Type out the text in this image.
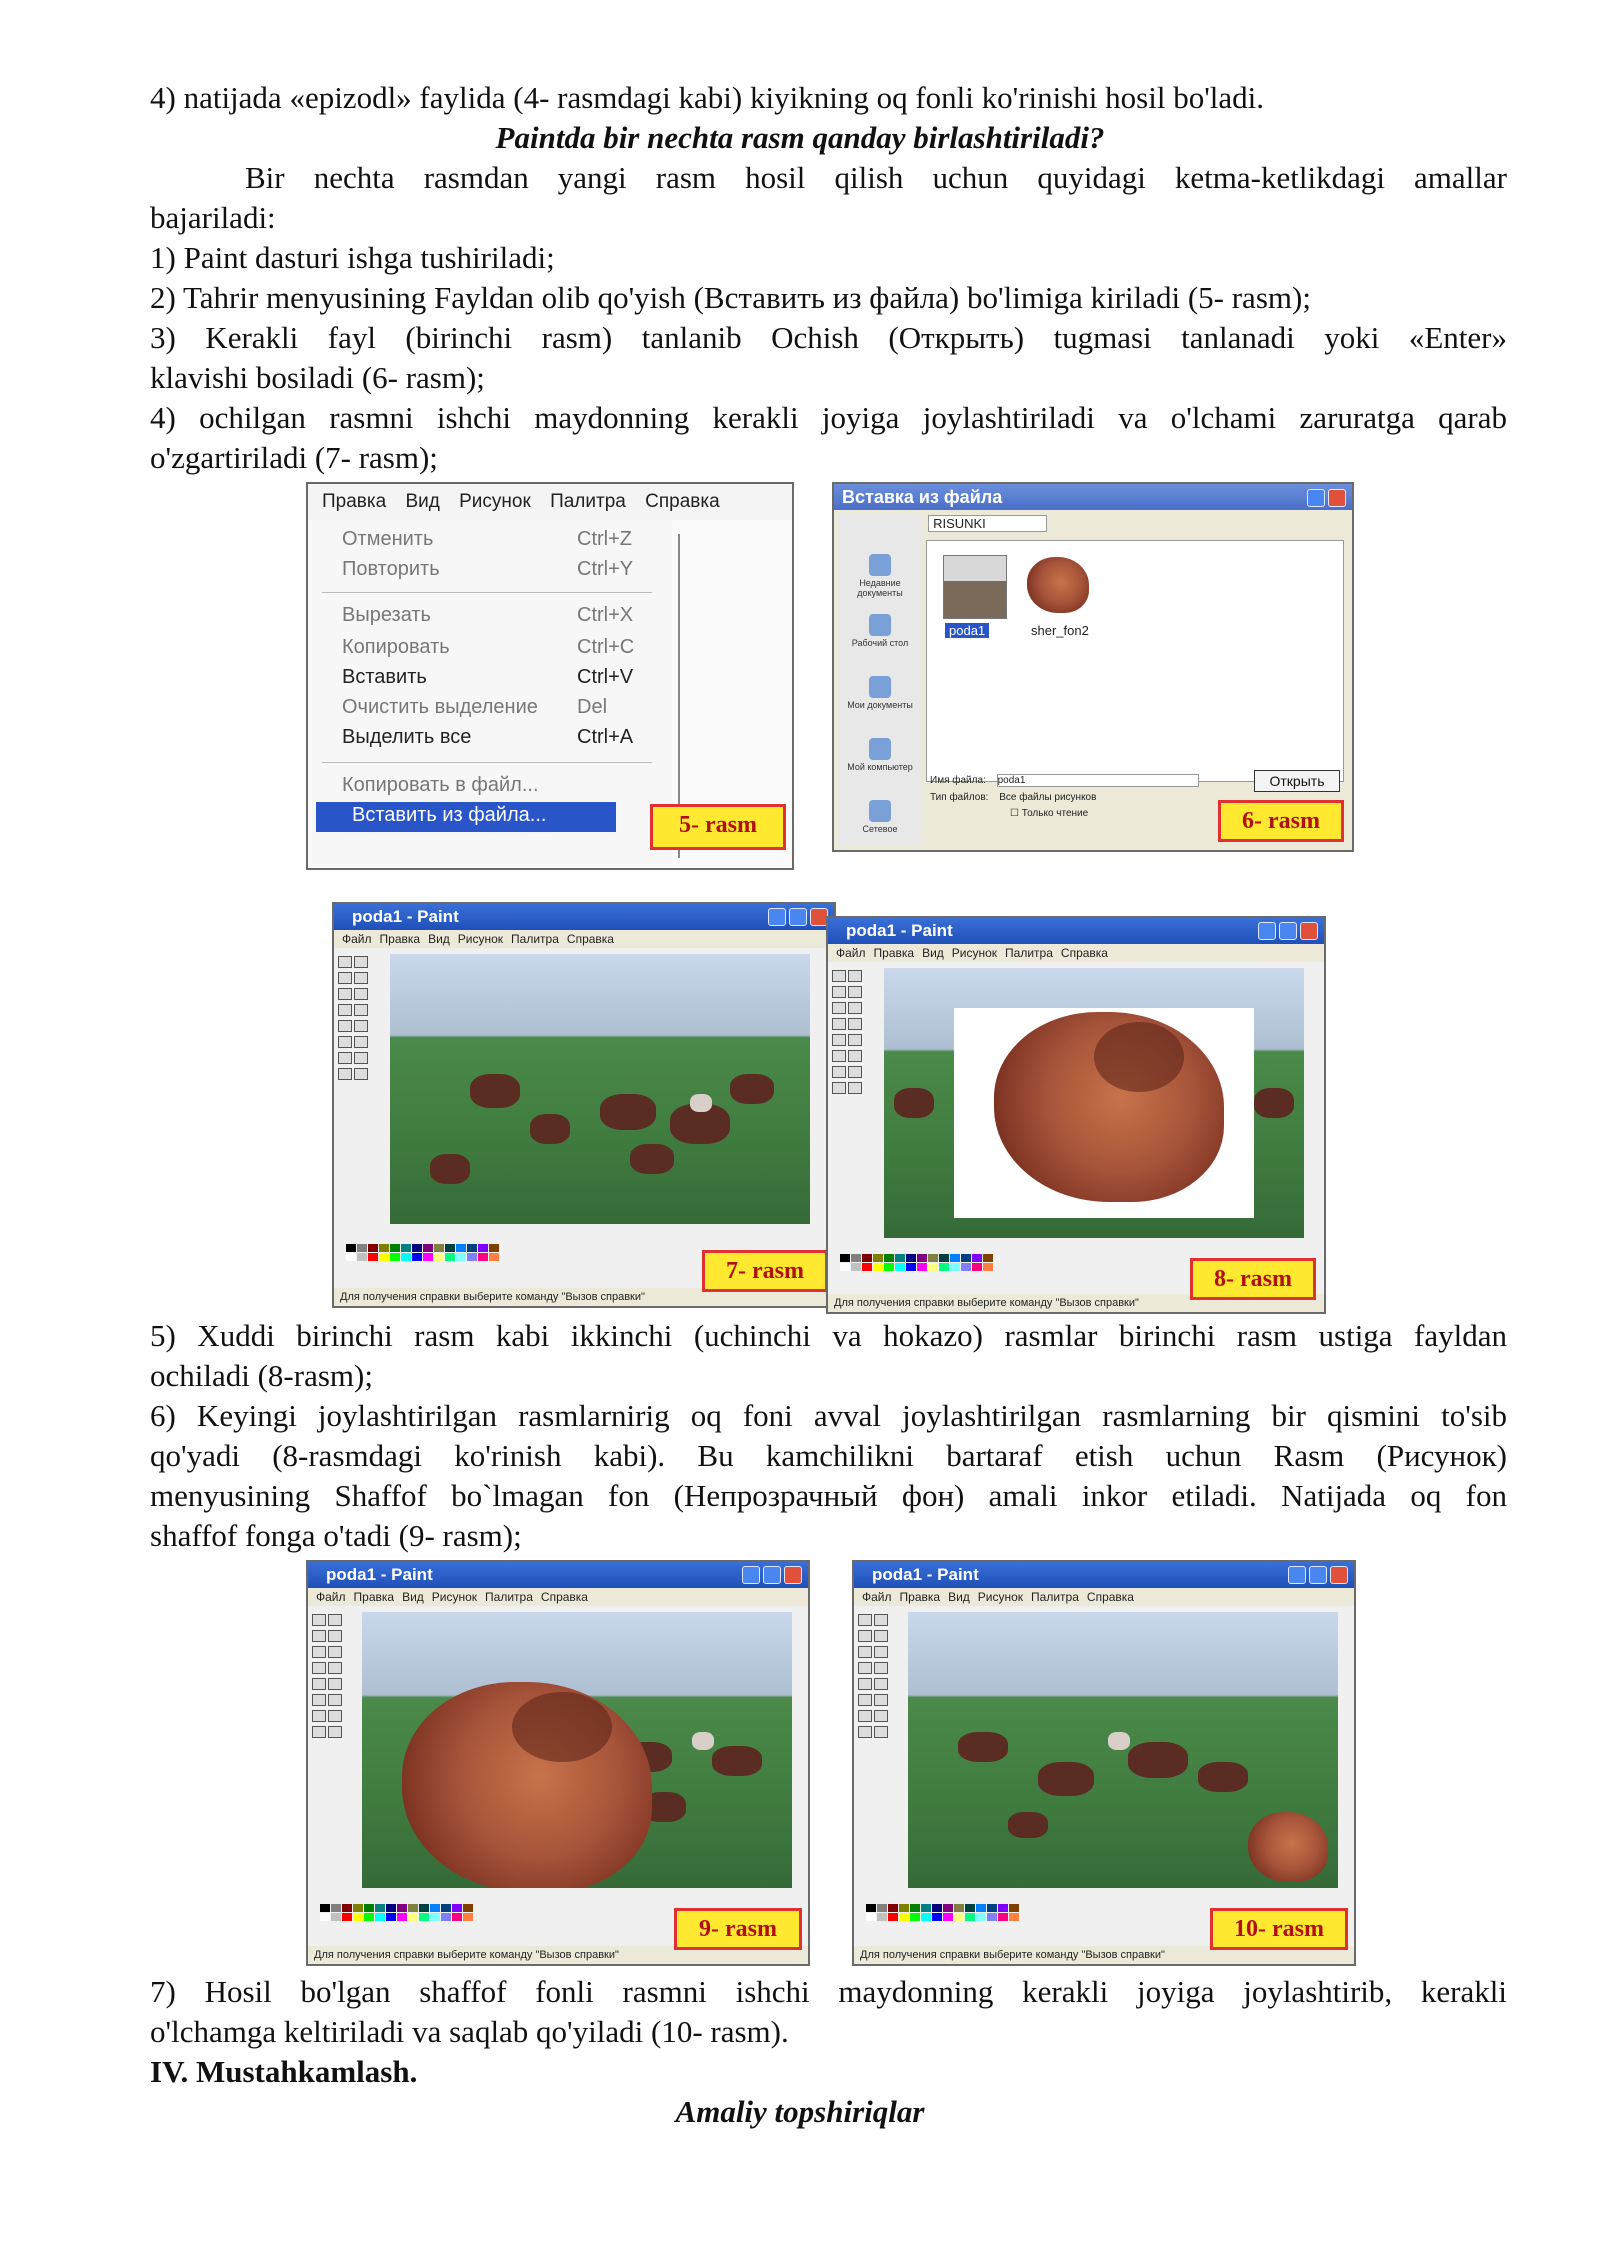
4) natijada «epizodl» faylida (4- rasmdagi kabi) kiyikning oq fonli ko'rinishi hosil bo'ladi.
Paintda bir nechta rasm qanday birlashtiriladi?
Bir nechta rasmdan yangi rasm hosil qilish uchun quyidagi ketma-ketlikdagi amallar
bajariladi:
1) Paint dasturi ishga tushiriladi;
2) Tahrir menyusining Fayldan olib qo'yish (Вставить из файла) bo'limiga kiriladi (5- rasm);
3) Kerakli fayl (birinchi rasm) tanlanib Ochish (Открыть) tugmasi tanlanadi yoki «Enter»
klavishi bosiladi (6- rasm);
4) ochilgan rasmni ishchi maydonning kerakli joyiga joylashtiriladi va o'lchami zaruratga qarab
o'zgartiriladi (7- rasm);
Правка Вид Рисунок Палитра Справка
Отменить	Ctrl+Z
Повторить	Ctrl+Y
Вырезать	Ctrl+X
Копировать	Ctrl+C
Вставить	Ctrl+V
Очистить выделение Del
Выделить все	Ctrl+A
Копировать в файл...
Вставить из файла...	5- rasm
Вставка из файла
RISUNKI
Недавние документы
Рабочий стол
Мои документы
Мой компьютер
Сетевое
poda1	sher_fon2
Имя файла: poda1
Тип файлов: Все файлы рисунков
☐ Только чтение
Открыть
6- rasm
poda1 - Paint
Файл Правка Вид Рисунок Палитра Справка
Для получения справки выберите команду "Вызов справки"
7- rasm
poda1 - Paint
Файл Правка Вид Рисунок Палитра Справка
Для получения справки выберите команду "Вызов справки"
8- rasm
5) Xuddi birinchi rasm kabi ikkinchi (uchinchi va hokazo) rasmlar birinchi rasm ustiga fayldan
ochiladi (8-rasm);
6) Keyingi joylashtirilgan rasmlarnirig oq foni avval joylashtirilgan rasmlarning bir qismini to'sib
qo'yadi (8-rasmdagi ko'rinish kabi). Bu kamchilikni bartaraf etish uchun Rasm (Рисунок)
menyusining Shaffof bo`lmagan fon (Непрозрачный фон) amali inkor etiladi. Natijada oq fon
shaffof fonga o'tadi (9- rasm);
poda1 - Paint
Файл Правка Вид Рисунок Палитра Справка
Для получения справки выберите команду "Вызов справки"
9- rasm
poda1 - Paint
Файл Правка Вид Рисунок Палитра Справка
Для получения справки выберите команду "Вызов справки"
10- rasm
7) Hosil bo'lgan shaffof fonli rasmni ishchi maydonning kerakli joyiga joylashtirib, kerakli
o'lchamga keltiriladi va saqlab qo'yiladi (10- rasm).
IV. Mustahkamlash.
Amaliy topshiriqlar
